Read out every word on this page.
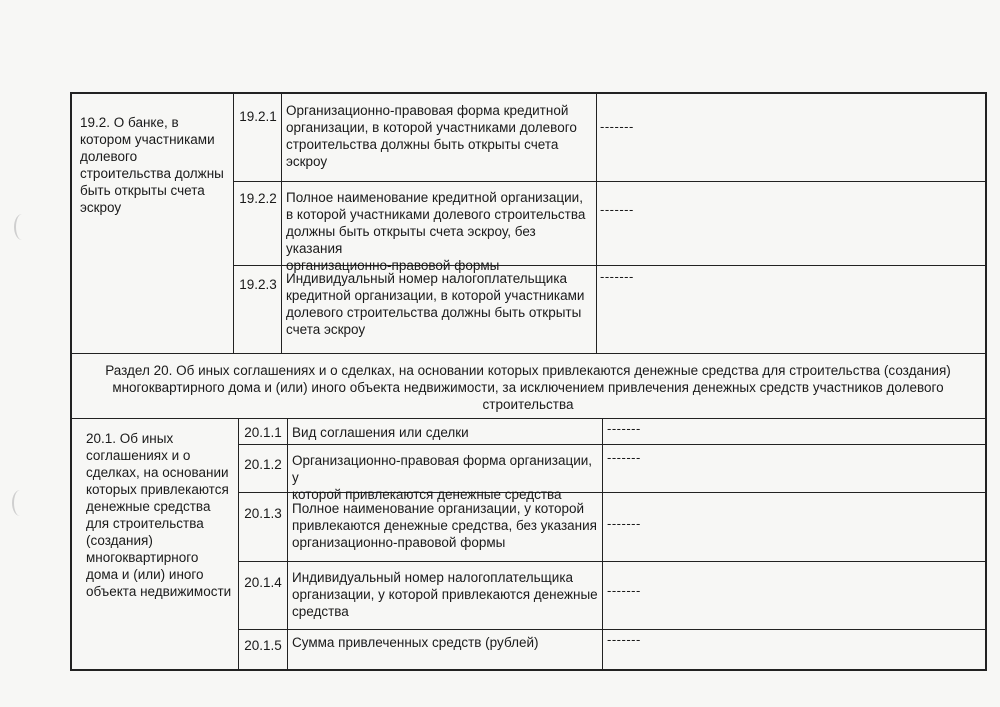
19.2. О банке, в
котором участниками
долевого
строительства должны
быть открыты счета
эскроу
19.2.1 Организационно-правовая форма кредитной
организации, в которой участниками долевого
строительства должны быть открыты счета
эскроу
-------
19.2.2 Полное наименование кредитной организации,
в которой участниками долевого строительства
должны быть открыты счета эскроу, без указания
организационно-правовой формы
-------
19.2.3 Индивидуальный номер налогоплательщика
кредитной организации, в которой участниками
долевого строительства должны быть открыты
счета эскроу
-------
Раздел 20. Об иных соглашениях и о сделках, на основании которых привлекаются денежные средства для строительства (создания)
многоквартирного дома и (или) иного объекта недвижимости, за исключением привлечения денежных средств участников долевого
строительства
20.1. Об иных
соглашениях и о
сделках, на основании
которых привлекаются
денежные средства
для строительства
(создания)
многоквартирного
дома и (или) иного
объекта недвижимости
20.1.1 Вид соглашения или сделки	-------
20.1.2 Организационно-правовая форма организации, у
которой привлекаются денежные средства
-------
20.1.3 Полное наименование организации, у которой
привлекаются денежные средства, без указания
организационно-правовой формы
-------
20.1.4 Индивидуальный номер налогоплательщика
организации, у которой привлекаются денежные
средства
-------
20.1.5 Сумма привлеченных средств (рублей)	-------
